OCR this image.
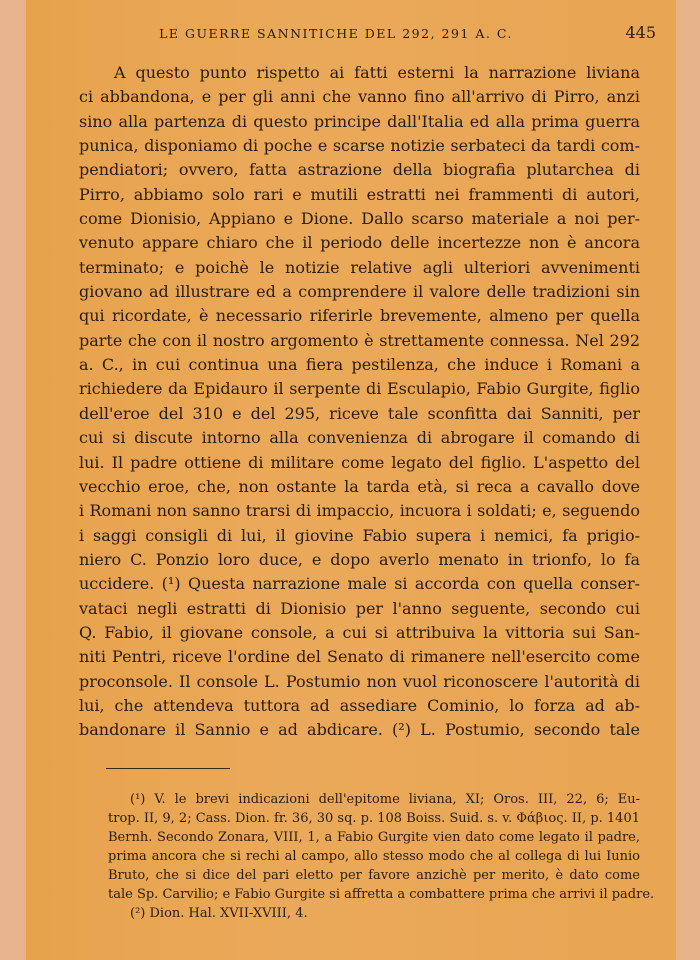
LE GUERRE SANNITICHE DEL 292, 291 A. C.	445
A questo punto rispetto ai fatti esterni la narrazione liviana
ci abbandona, e per gli anni che vanno fino all'arrivo di Pirro, anzi
sino alla partenza di questo principe dall'Italia ed alla prima guerra
punica, disponiamo di poche e scarse notizie serbateci da tardi com-
pendiatori; ovvero, fatta astrazione della biografia plutarchea di
Pirro, abbiamo solo rari e mutili estratti nei frammenti di autori,
come Dionisio, Appiano e Dione. Dallo scarso materiale a noi per-
venuto appare chiaro che il periodo delle incertezze non è ancora
terminato; e poichè le notizie relative agli ulteriori avvenimenti
giovano ad illustrare ed a comprendere il valore delle tradizioni sin
qui ricordate, è necessario riferirle brevemente, almeno per quella
parte che con il nostro argomento è strettamente connessa. Nel 292
a. C., in cui continua una fiera pestilenza, che induce i Romani a
richiedere da Epidauro il serpente di Esculapio, Fabio Gurgite, figlio
dell'eroe del 310 e del 295, riceve tale sconfitta dai Sanniti, per
cui si discute intorno alla convenienza di abrogare il comando di
lui. Il padre ottiene di militare come legato del figlio. L'aspetto del
vecchio eroe, che, non ostante la tarda età, si reca a cavallo dove
i Romani non sanno trarsi di impaccio, incuora i soldati; e, seguendo
i saggi consigli di lui, il giovine Fabio supera i nemici, fa prigio-
niero C. Ponzio loro duce, e dopo averlo menato in trionfo, lo fa
uccidere. (¹) Questa narrazione male si accorda con quella conser-
vataci negli estratti di Dionisio per l'anno seguente, secondo cui
Q. Fabio, il giovane console, a cui si attribuiva la vittoria sui San-
niti Pentri, riceve l'ordine del Senato di rimanere nell'esercito come
proconsole. Il console L. Postumio non vuol riconoscere l'autorità di
lui, che attendeva tuttora ad assediare Cominio, lo forza ad ab-
bandonare il Sannio e ad abdicare. (²) L. Postumio, secondo tale
(¹) V. le brevi indicazioni dell'epitome liviana, XI; Oros. III, 22, 6; Eu-
trop. II, 9, 2; Cass. Dion. fr. 36, 30 sq. p. 108 Boiss. Suid. s. v. Φάβιος. II, p. 1401
Bernh. Secondo Zonara, VIII, 1, a Fabio Gurgite vien dato come legato il padre,
prima ancora che si rechi al campo, allo stesso modo che al collega di lui Iunio
Bruto, che si dice del pari eletto per favore anzichè per merito, è dato come
tale Sp. Carvilio; e Fabio Gurgite si affretta a combattere prima che arrivi il padre.
(²) Dion. Hal. XVII-XVIII, 4.
